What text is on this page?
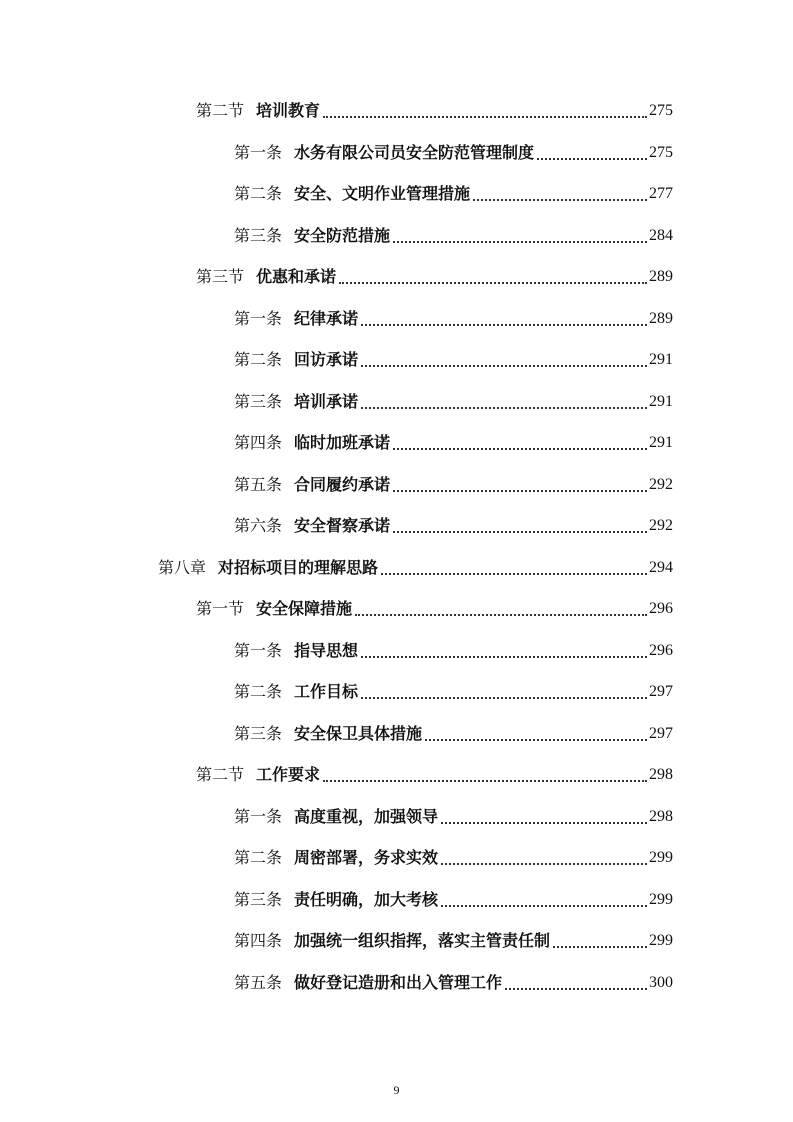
第二节 培训教育	275
第一条 水务有限公司员安全防范管理制度	275
第二条 安全、文明作业管理措施	277
第三条 安全防范措施	284
第三节 优惠和承诺	289
第一条 纪律承诺	289
第二条 回访承诺	291
第三条 培训承诺	291
第四条 临时加班承诺	291
第五条 合同履约承诺	292
第六条 安全督察承诺	292
第八章 对招标项目的理解思路	294
第一节 安全保障措施	296
第一条 指导思想	296
第二条 工作目标	297
第三条 安全保卫具体措施	297
第二节 工作要求	298
第一条 高度重视，加强领导	298
第二条 周密部署，务求实效	299
第三条 责任明确，加大考核	299
第四条 加强统一组织指挥，落实主管责任制	299
第五条 做好登记造册和出入管理工作	300
9
